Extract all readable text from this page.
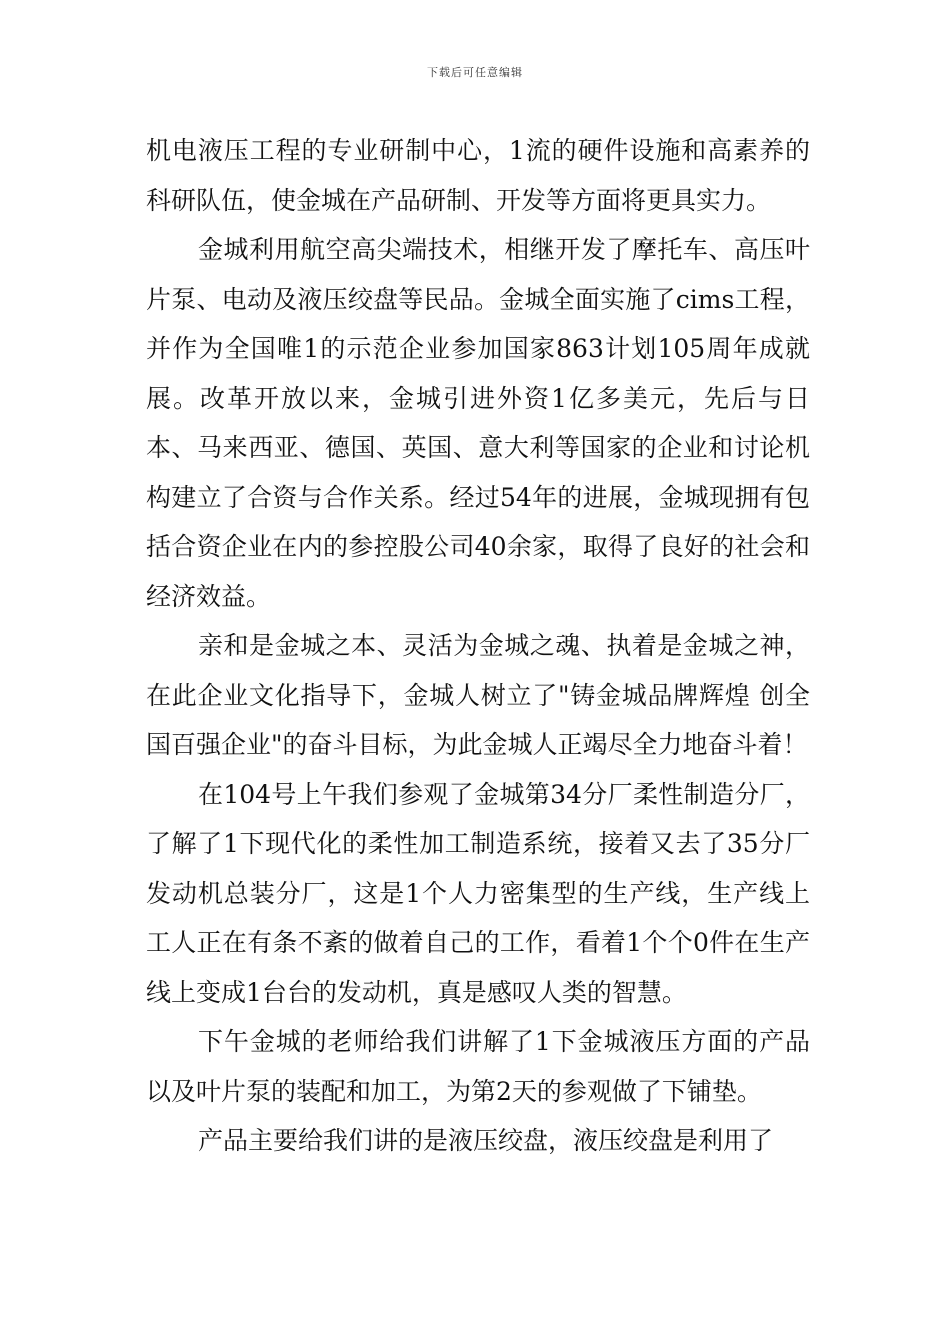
下载后可任意编辑

机电液压工程的专业研制中心，1流的硬件设施和高素养的科研队伍，使金城在产品研制、开发等方面将更具实力。

金城利用航空高尖端技术，相继开发了摩托车、高压叶片泵、电动及液压绞盘等民品。金城全面实施了cims工程，并作为全国唯1的示范企业参加国家863计划105周年成就展。改革开放以来，金城引进外资1亿多美元，先后与日本、马来西亚、德国、英国、意大利等国家的企业和讨论机构建立了合资与合作关系。经过54年的进展，金城现拥有包括合资企业在内的参控股公司40余家，取得了良好的社会和经济效益。

亲和是金城之本、灵活为金城之魂、执着是金城之神，在此企业文化指导下，金城人树立了"铸金城品牌辉煌 创全国百强企业"的奋斗目标，为此金城人正竭尽全力地奋斗着！

在104号上午我们参观了金城第34分厂柔性制造分厂，了解了1下现代化的柔性加工制造系统，接着又去了35分厂发动机总装分厂，这是1个人力密集型的生产线，生产线上工人正在有条不紊的做着自己的工作，看着1个个0件在生产线上变成1台台的发动机，真是感叹人类的智慧。

下午金城的老师给我们讲解了1下金城液压方面的产品以及叶片泵的装配和加工，为第2天的参观做了下铺垫。

产品主要给我们讲的是液压绞盘，液压绞盘是利用了
